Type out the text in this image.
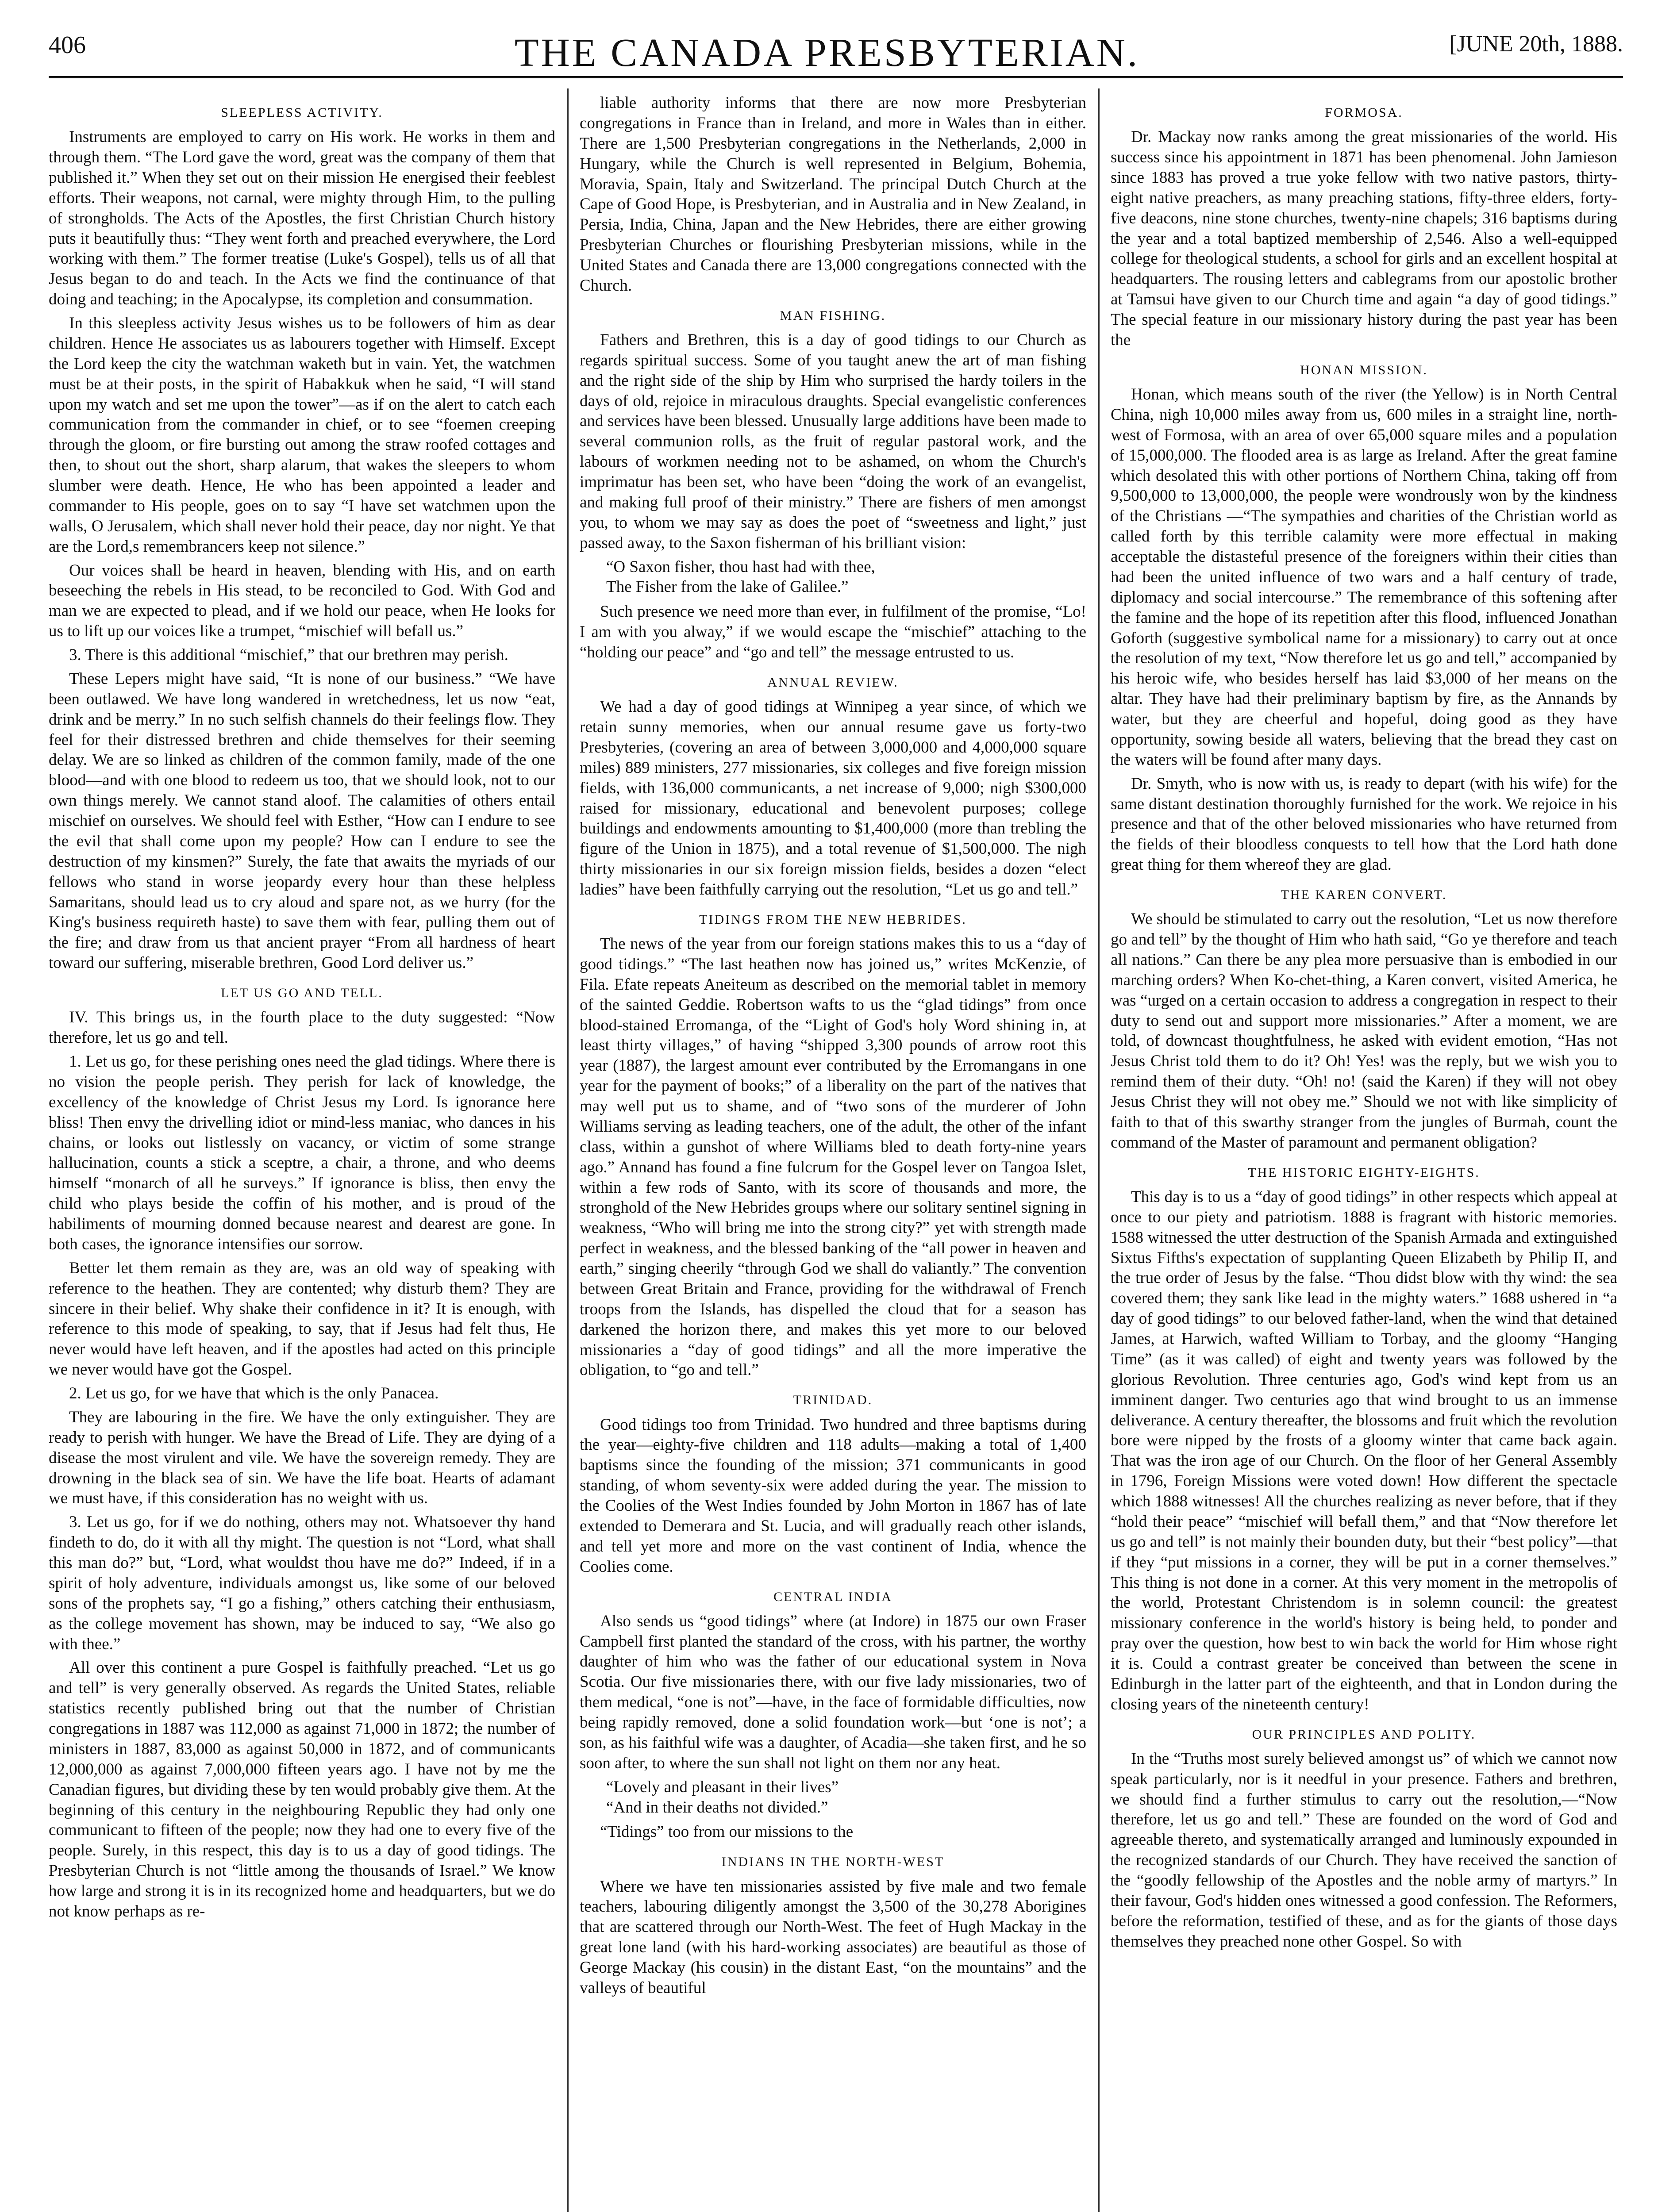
406	THE CANADA PRESBYTERIAN.	[JUNE 20th, 1888.
SLEEPLESS ACTIVITY.

Instruments are employed to carry on His work. He works in them and through them. “The Lord gave the word, great was the company of them that published it.” When they set out on their mission He energised their feeblest efforts. Their weapons, not carnal, were mighty through Him, to the pulling of strongholds. The Acts of the Apostles, the first Christian Church history puts it beautifully thus: “They went forth and preached everywhere, the Lord working with them.” The former treatise (Luke's Gospel), tells us of all that Jesus began to do and teach. In the Acts we find the continuance of that doing and teaching; in the Apocalypse, its completion and consummation.

In this sleepless activity Jesus wishes us to be followers of him as dear children. Hence He associates us as labourers together with Himself. Except the Lord keep the city the watchman waketh but in vain. Yet, the watchmen must be at their posts, in the spirit of Habakkuk when he said, “I will stand upon my watch and set me upon the tower”—as if on the alert to catch each communication from the commander in chief, or to see “foemen creeping through the gloom, or fire bursting out among the straw roofed cottages and then, to shout out the short, sharp alarum, that wakes the sleepers to whom slumber were death. Hence, He who has been appointed a leader and commander to His people, goes on to say “I have set watchmen upon the walls, O Jerusalem, which shall never hold their peace, day nor night. Ye that are the Lord,s remembrancers keep not silence.”

Our voices shall be heard in heaven, blending with His, and on earth beseeching the rebels in His stead, to be reconciled to God. With God and man we are expected to plead, and if we hold our peace, when He looks for us to lift up our voices like a trumpet, “mischief will befall us.”

3. There is this additional “mischief,” that our brethren may perish.

These Lepers might have said, “It is none of our business.” “We have been outlawed. We have long wandered in wretchedness, let us now “eat, drink and be merry.” In no such selfish channels do their feelings flow. They feel for their distressed brethren and chide themselves for their seeming delay. We are so linked as children of the common family, made of the one blood—and with one blood to redeem us too, that we should look, not to our own things merely. We cannot stand aloof. The calamities of others entail mischief on ourselves. We should feel with Esther, “How can I endure to see the evil that shall come upon my people? How can I endure to see the destruction of my kinsmen?” Surely, the fate that awaits the myriads of our fellows who stand in worse jeopardy every hour than these helpless Samaritans, should lead us to cry aloud and spare not, as we hurry (for the King's business requireth haste) to save them with fear, pulling them out of the fire; and draw from us that ancient prayer “From all hardness of heart toward our suffering, miserable brethren, Good Lord deliver us.”

LET US GO AND TELL.

IV. This brings us, in the fourth place to the duty suggested: “Now therefore, let us go and tell.

1. Let us go, for these perishing ones need the glad tidings. Where there is no vision the people perish. They perish for lack of knowledge, the excellency of the knowledge of Christ Jesus my Lord. Is ignorance here bliss! Then envy the drivelling idiot or mind-less maniac, who dances in his chains, or looks out listlessly on vacancy, or victim of some strange hallucination, counts a stick a sceptre, a chair, a throne, and who deems himself “monarch of all he surveys.” If ignorance is bliss, then envy the child who plays beside the coffin of his mother, and is proud of the habiliments of mourning donned because nearest and dearest are gone. In both cases, the ignorance intensifies our sorrow.

Better let them remain as they are, was an old way of speaking with reference to the heathen. They are contented; why disturb them? They are sincere in their belief. Why shake their confidence in it? It is enough, with reference to this mode of speaking, to say, that if Jesus had felt thus, He never would have left heaven, and if the apostles had acted on this principle we never would have got the Gospel.

2. Let us go, for we have that which is the only Panacea.

They are labouring in the fire. We have the only extinguisher. They are ready to perish with hunger. We have the Bread of Life. They are dying of a disease the most virulent and vile. We have the sovereign remedy. They are drowning in the black sea of sin. We have the life boat. Hearts of adamant we must have, if this consideration has no weight with us.

3. Let us go, for if we do nothing, others may not. Whatsoever thy hand findeth to do, do it with all thy might. The question is not “Lord, what shall this man do?” but, “Lord, what wouldst thou have me do?” Indeed, if in a spirit of holy adventure, individuals amongst us, like some of our beloved sons of the prophets say, “I go a fishing,” others catching their enthusiasm, as the college movement has shown, may be induced to say, “We also go with thee.”

All over this continent a pure Gospel is faithfully preached. “Let us go and tell” is very generally observed. As regards the United States, reliable statistics recently published bring out that the number of Christian congregations in 1887 was 112,000 as against 71,000 in 1872; the number of ministers in 1887, 83,000 as against 50,000 in 1872, and of communicants 12,000,000 as against 7,000,000 fifteen years ago. I have not by me the Canadian figures, but dividing these by ten would probably give them. At the beginning of this century in the neighbouring Republic they had only one communicant to fifteen of the people; now they had one to every five of the people. Surely, in this respect, this day is to us a day of good tidings. The Presbyterian Church is not “little among the thousands of Israel.” We know how large and strong it is in its recognized home and headquarters, but we do not know perhaps as re-

liable authority informs that there are now more Presbyterian congregations in France than in Ireland, and more in Wales than in either. There are 1,500 Presbyterian congregations in the Netherlands, 2,000 in Hungary, while the Church is well represented in Belgium, Bohemia, Moravia, Spain, Italy and Switzerland. The principal Dutch Church at the Cape of Good Hope, is Presbyterian, and in Australia and in New Zealand, in Persia, India, China, Japan and the New Hebrides, there are either growing Presbyterian Churches or flourishing Presbyterian missions, while in the United States and Canada there are 13,000 congregations connected with the Church.

MAN FISHING.

Fathers and Brethren, this is a day of good tidings to our Church as regards spiritual success. Some of you taught anew the art of man fishing and the right side of the ship by Him who surprised the hardy toilers in the days of old, rejoice in miraculous draughts. Special evangelistic conferences and services have been blessed. Unusually large additions have been made to several communion rolls, as the fruit of regular pastoral work, and the labours of workmen needing not to be ashamed, on whom the Church's imprimatur has been set, who have been “doing the work of an evangelist, and making full proof of their ministry.” There are fishers of men amongst you, to whom we may say as does the poet of “sweetness and light,” just passed away, to the Saxon fisherman of his brilliant vision:

“O Saxon fisher, thou hast had with thee,

The Fisher from the lake of Galilee.”

Such presence we need more than ever, in fulfilment of the promise, “Lo! I am with you alway,” if we would escape the “mischief” attaching to the “holding our peace” and “go and tell” the message entrusted to us.

ANNUAL REVIEW.

We had a day of good tidings at Winnipeg a year since, of which we retain sunny memories, when our annual resume gave us forty-two Presbyteries, (covering an area of between 3,000,000 and 4,000,000 square miles) 889 ministers, 277 missionaries, six colleges and five foreign mission fields, with 136,000 communicants, a net increase of 9,000; nigh $300,000 raised for missionary, educational and benevolent purposes; college buildings and endowments amounting to $1,400,000 (more than trebling the figure of the Union in 1875), and a total revenue of $1,500,000. The nigh thirty missionaries in our six foreign mission fields, besides a dozen “elect ladies” have been faithfully carrying out the resolution, “Let us go and tell.”

TIDINGS FROM THE NEW HEBRIDES.

The news of the year from our foreign stations makes this to us a “day of good tidings.” “The last heathen now has joined us,” writes McKenzie, of Fila. Efate repeats Aneiteum as described on the memorial tablet in memory of the sainted Geddie. Robertson wafts to us the “glad tidings” from once blood-stained Erromanga, of the “Light of God's holy Word shining in, at least thirty villages,” of having “shipped 3,300 pounds of arrow root this year (1887), the largest amount ever contributed by the Erromangans in one year for the payment of books;” of a liberality on the part of the natives that may well put us to shame, and of “two sons of the murderer of John Williams serving as leading teachers, one of the adult, the other of the infant class, within a gunshot of where Williams bled to death forty-nine years ago.” Annand has found a fine fulcrum for the Gospel lever on Tangoa Islet, within a few rods of Santo, with its score of thousands and more, the stronghold of the New Hebrides groups where our solitary sentinel signing in weakness, “Who will bring me into the strong city?” yet with strength made perfect in weakness, and the blessed banking of the “all power in heaven and earth,” singing cheerily “through God we shall do valiantly.” The convention between Great Britain and France, providing for the withdrawal of French troops from the Islands, has dispelled the cloud that for a season has darkened the horizon there, and makes this yet more to our beloved missionaries a “day of good tidings” and all the more imperative the obligation, to “go and tell.”

TRINIDAD.

Good tidings too from Trinidad. Two hundred and three baptisms during the year—eighty-five children and 118 adults—making a total of 1,400 baptisms since the founding of the mission; 371 communicants in good standing, of whom seventy-six were added during the year. The mission to the Coolies of the West Indies founded by John Morton in 1867 has of late extended to Demerara and St. Lucia, and will gradually reach other islands, and tell yet more and more on the vast continent of India, whence the Coolies come.

CENTRAL INDIA

Also sends us “good tidings” where (at Indore) in 1875 our own Fraser Campbell first planted the standard of the cross, with his partner, the worthy daughter of him who was the father of our educational system in Nova Scotia. Our five missionaries there, with our five lady missionaries, two of them medical, “one is not”—have, in the face of formidable difficulties, now being rapidly removed, done a solid foundation work—but ‘one is not’; a son, as his faithful wife was a daughter, of Acadia—she taken first, and he so soon after, to where the sun shall not light on them nor any heat.

“Lovely and pleasant in their lives”

“And in their deaths not divided.”

“Tidings” too from our missions to the

INDIANS IN THE NORTH-WEST

Where we have ten missionaries assisted by five male and two female teachers, labouring diligently amongst the 3,500 of the 30,278 Aborigines that are scattered through our North-West. The feet of Hugh Mackay in the great lone land (with his hard-working associates) are beautiful as those of George Mackay (his cousin) in the distant East, “on the mountains” and the valleys of beautiful

FORMOSA.

Dr. Mackay now ranks among the great missionaries of the world. His success since his appointment in 1871 has been phenomenal. John Jamieson since 1883 has proved a true yoke fellow with two native pastors, thirty-eight native preachers, as many preaching stations, fifty-three elders, forty-five deacons, nine stone churches, twenty-nine chapels; 316 baptisms during the year and a total baptized membership of 2,546. Also a well-equipped college for theological students, a school for girls and an excellent hospital at headquarters. The rousing letters and cablegrams from our apostolic brother at Tamsui have given to our Church time and again “a day of good tidings.” The special feature in our missionary history during the past year has been the

HONAN MISSION.

Honan, which means south of the river (the Yellow) is in North Central China, nigh 10,000 miles away from us, 600 miles in a straight line, north-west of Formosa, with an area of over 65,000 square miles and a population of 15,000,000. The flooded area is as large as Ireland. After the great famine which desolated this with other portions of Northern China, taking off from 9,500,000 to 13,000,000, the people were wondrously won by the kindness of the Christians —“The sympathies and charities of the Christian world as called forth by this terrible calamity were more effectual in making acceptable the distasteful presence of the foreigners within their cities than had been the united influence of two wars and a half century of trade, diplomacy and social intercourse.” The remembrance of this softening after the famine and the hope of its repetition after this flood, influenced Jonathan Goforth (suggestive symbolical name for a missionary) to carry out at once the resolution of my text, “Now therefore let us go and tell,” accompanied by his heroic wife, who besides herself has laid $3,000 of her means on the altar. They have had their preliminary baptism by fire, as the Annands by water, but they are cheerful and hopeful, doing good as they have opportunity, sowing beside all waters, believing that the bread they cast on the waters will be found after many days.

Dr. Smyth, who is now with us, is ready to depart (with his wife) for the same distant destination thoroughly furnished for the work. We rejoice in his presence and that of the other beloved missionaries who have returned from the fields of their bloodless conquests to tell how that the Lord hath done great thing for them whereof they are glad.

THE KAREN CONVERT.

We should be stimulated to carry out the resolution, “Let us now therefore go and tell” by the thought of Him who hath said, “Go ye therefore and teach all nations.” Can there be any plea more persuasive than is embodied in our marching orders? When Ko-chet-thing, a Karen convert, visited America, he was “urged on a certain occasion to address a congregation in respect to their duty to send out and support more missionaries.” After a moment, we are told, of downcast thoughtfulness, he asked with evident emotion, “Has not Jesus Christ told them to do it? Oh! Yes! was the reply, but we wish you to remind them of their duty. “Oh! no! (said the Karen) if they will not obey Jesus Christ they will not obey me.” Should we not with like simplicity of faith to that of this swarthy stranger from the jungles of Burmah, count the command of the Master of paramount and permanent obligation?

THE HISTORIC EIGHTY-EIGHTS.

This day is to us a “day of good tidings” in other respects which appeal at once to our piety and patriotism. 1888 is fragrant with historic memories. 1588 witnessed the utter destruction of the Spanish Armada and extinguished Sixtus Fifths's expectation of supplanting Queen Elizabeth by Philip II, and the true order of Jesus by the false. “Thou didst blow with thy wind: the sea covered them; they sank like lead in the mighty waters.” 1688 ushered in “a day of good tidings” to our beloved father-land, when the wind that detained James, at Harwich, wafted William to Torbay, and the gloomy “Hanging Time” (as it was called) of eight and twenty years was followed by the glorious Revolution. Three centuries ago, God's wind kept from us an imminent danger. Two centuries ago that wind brought to us an immense deliverance. A century thereafter, the blossoms and fruit which the revolution bore were nipped by the frosts of a gloomy winter that came back again. That was the iron age of our Church. On the floor of her General Assembly in 1796, Foreign Missions were voted down! How different the spectacle which 1888 witnesses! All the churches realizing as never before, that if they “hold their peace” “mischief will befall them,” and that “Now therefore let us go and tell” is not mainly their bounden duty, but their “best policy”—that if they “put missions in a corner, they will be put in a corner themselves.” This thing is not done in a corner. At this very moment in the metropolis of the world, Protestant Christendom is in solemn council: the greatest missionary conference in the world's history is being held, to ponder and pray over the question, how best to win back the world for Him whose right it is. Could a contrast greater be conceived than between the scene in Edinburgh in the latter part of the eighteenth, and that in London during the closing years of the nineteenth century!

OUR PRINCIPLES AND POLITY.

In the “Truths most surely believed amongst us” of which we cannot now speak particularly, nor is it needful in your presence. Fathers and brethren, we should find a further stimulus to carry out the resolution,—“Now therefore, let us go and tell.” These are founded on the word of God and agreeable thereto, and systematically arranged and luminously expounded in the recognized standards of our Church. They have received the sanction of the “goodly fellowship of the Apostles and the noble army of martyrs.” In their favour, God's hidden ones witnessed a good confession. The Reformers, before the reformation, testified of these, and as for the giants of those days themselves they preached none other Gospel. So with
